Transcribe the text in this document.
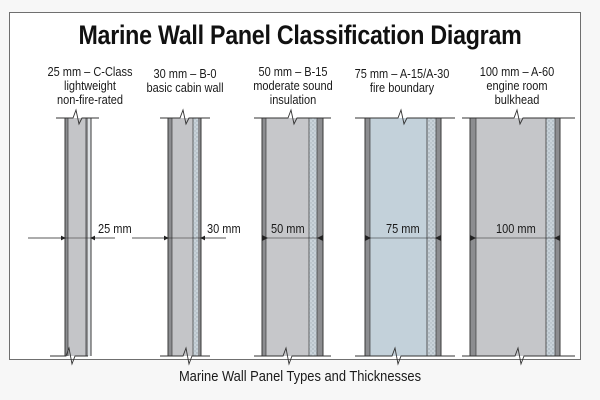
Marine Wall Panel Classification Diagram
25 mm – C-Class
lightweight
non-fire-rated
30 mm – B-0
basic cabin wall
50 mm – B-15
moderate sound
insulation
75 mm – A-15/A-30
fire boundary
100 mm – A-60
engine room
bulkhead
25 mm	30 mm 50 mm	75 mm	100 mm
Marine Wall Panel Types and Thicknesses
